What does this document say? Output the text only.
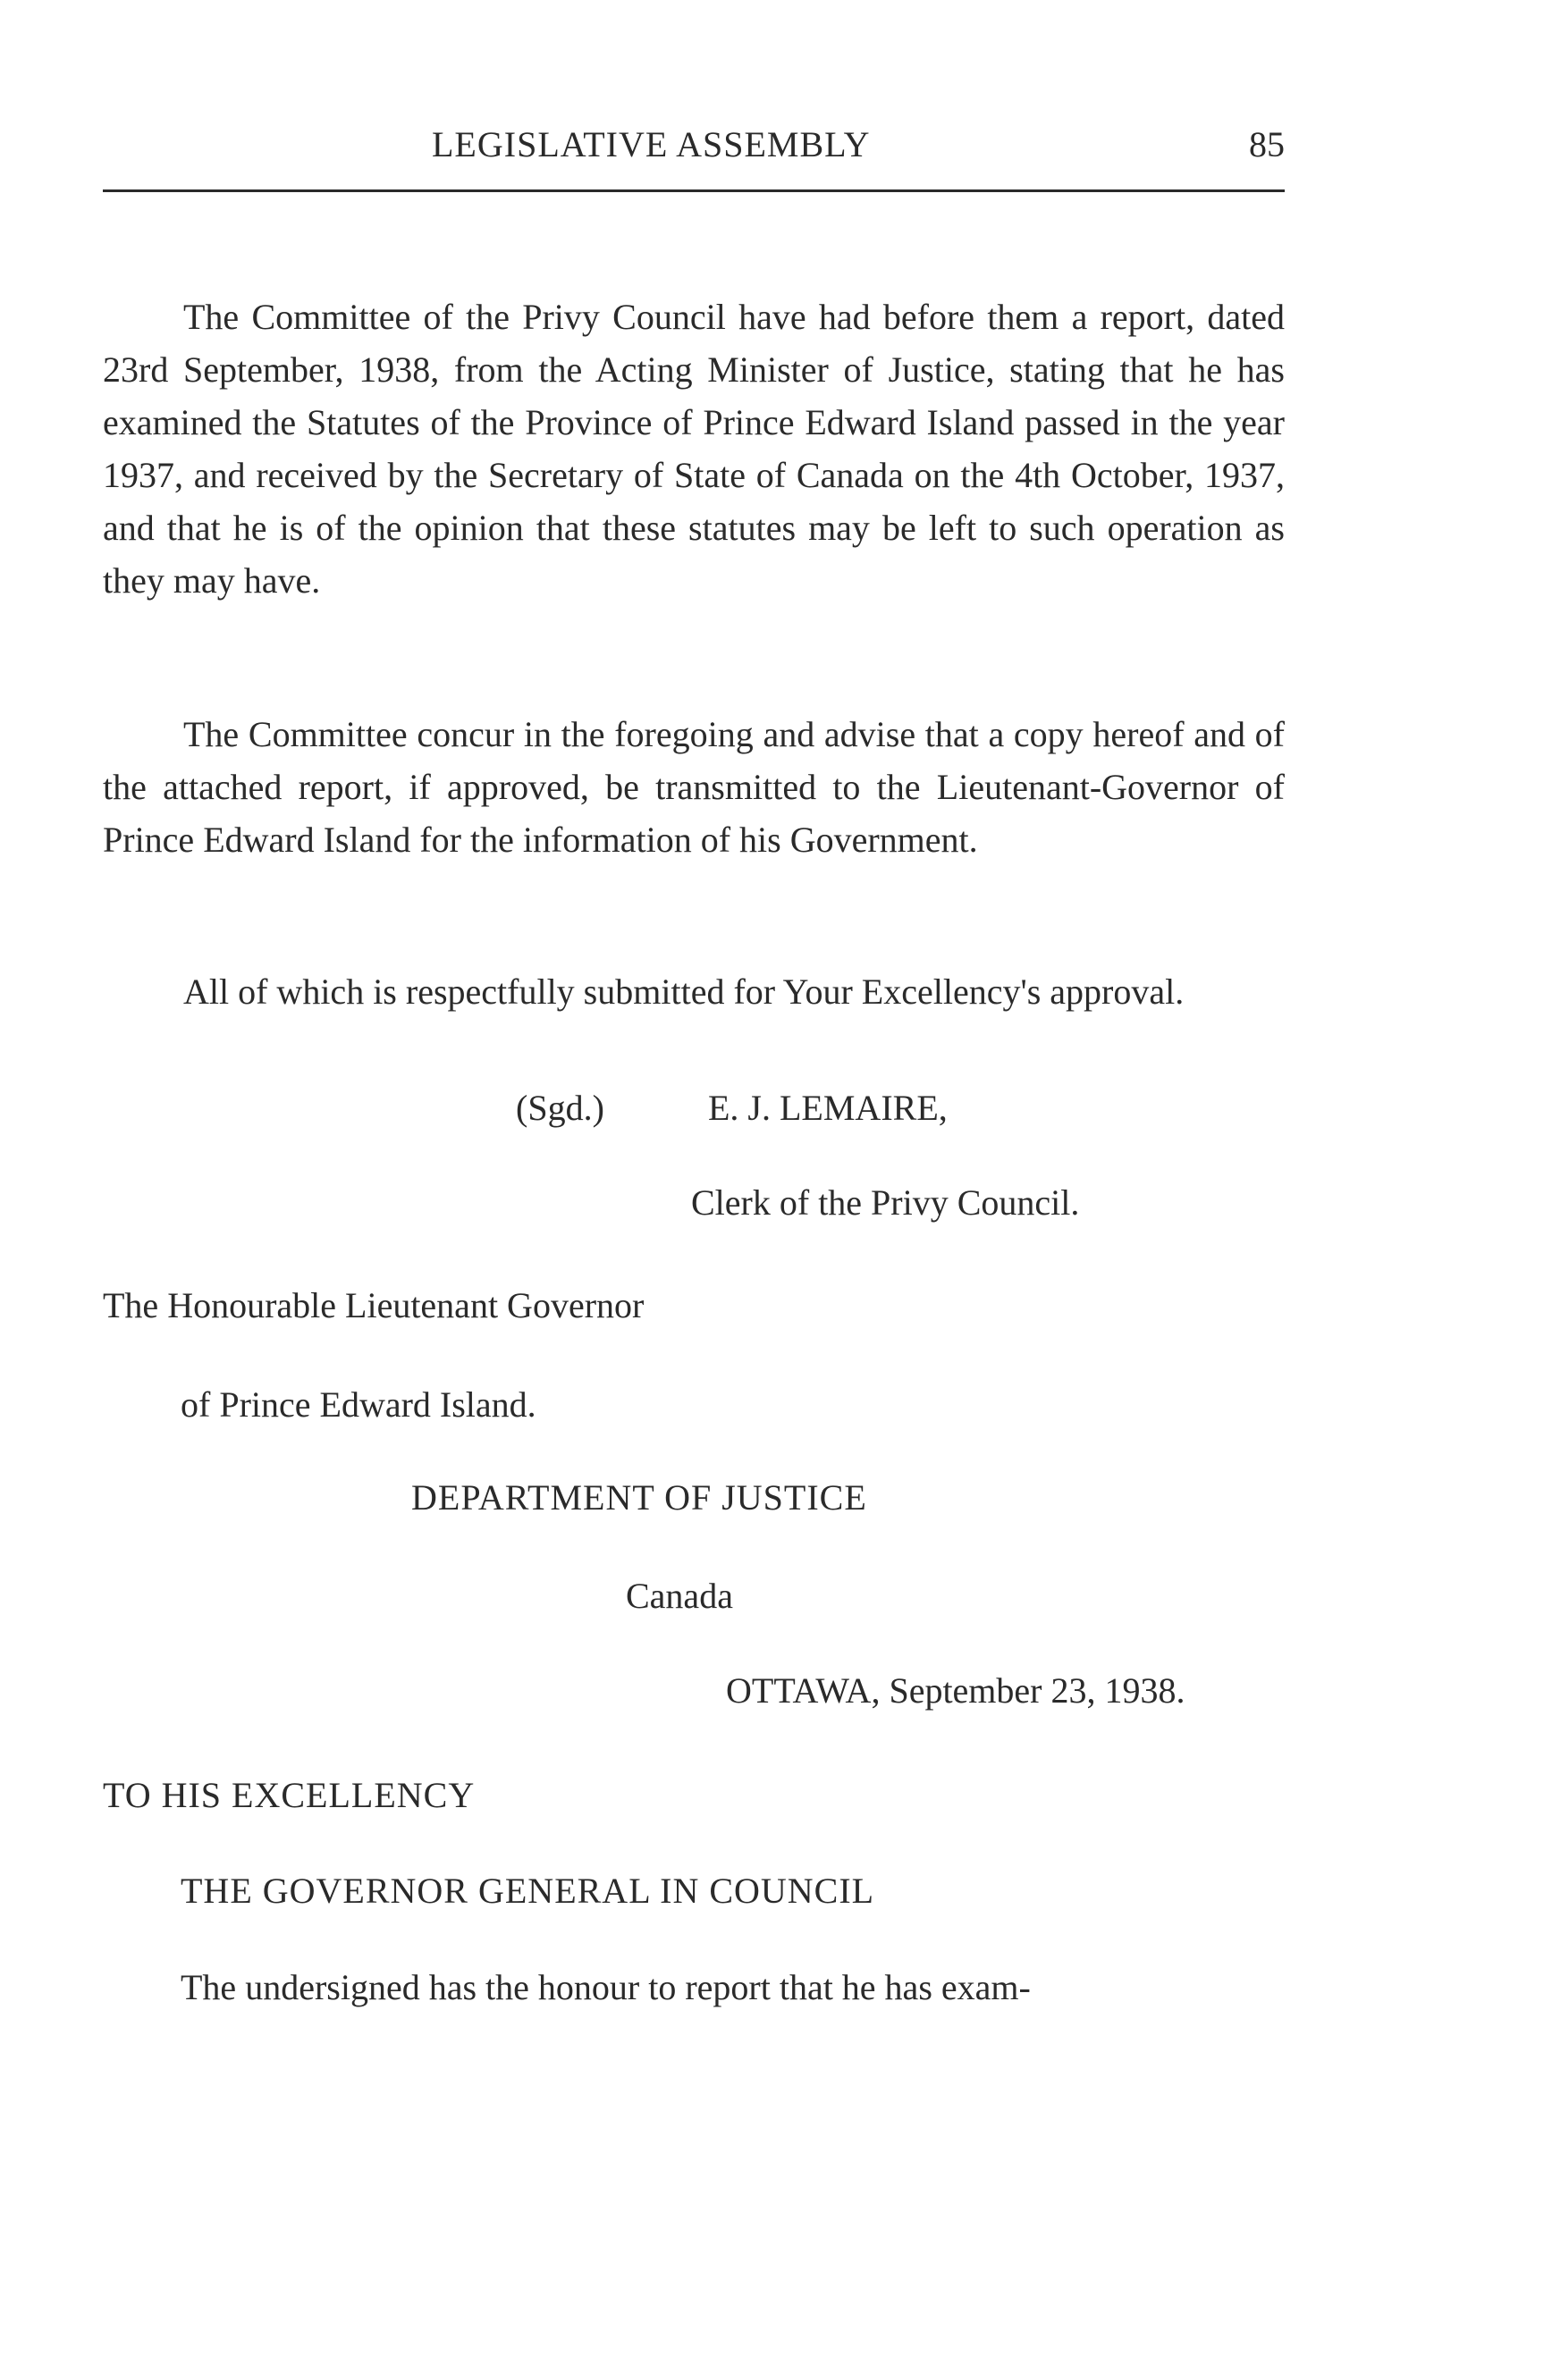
LEGISLATIVE ASSEMBLY	85

The Committee of the Privy Council have had before them a report, dated 23rd September, 1938, from the Acting Minister of Justice, stating that he has examined the Statutes of the Province of Prince Edward Island passed in the year 1937, and received by the Secretary of State of Canada on the 4th October, 1937, and that he is of the opinion that these statutes may be left to such operation as they may have.

The Committee concur in the foregoing and advise that a copy hereof and of the attached report, if approved, be transmitted to the Lieutenant-Governor of Prince Edward Island for the information of his Government.

All of which is respectfully submitted for Your Excellency's approval.

(Sgd.)	E. J. LEMAIRE,
Clerk of the Privy Council.
The Honourable Lieutenant Governor
of Prince Edward Island.
DEPARTMENT OF JUSTICE
Canada
OTTAWA, September 23, 1938.
TO HIS EXCELLENCY
THE GOVERNOR GENERAL IN COUNCIL
The undersigned has the honour to report that he has exam-
